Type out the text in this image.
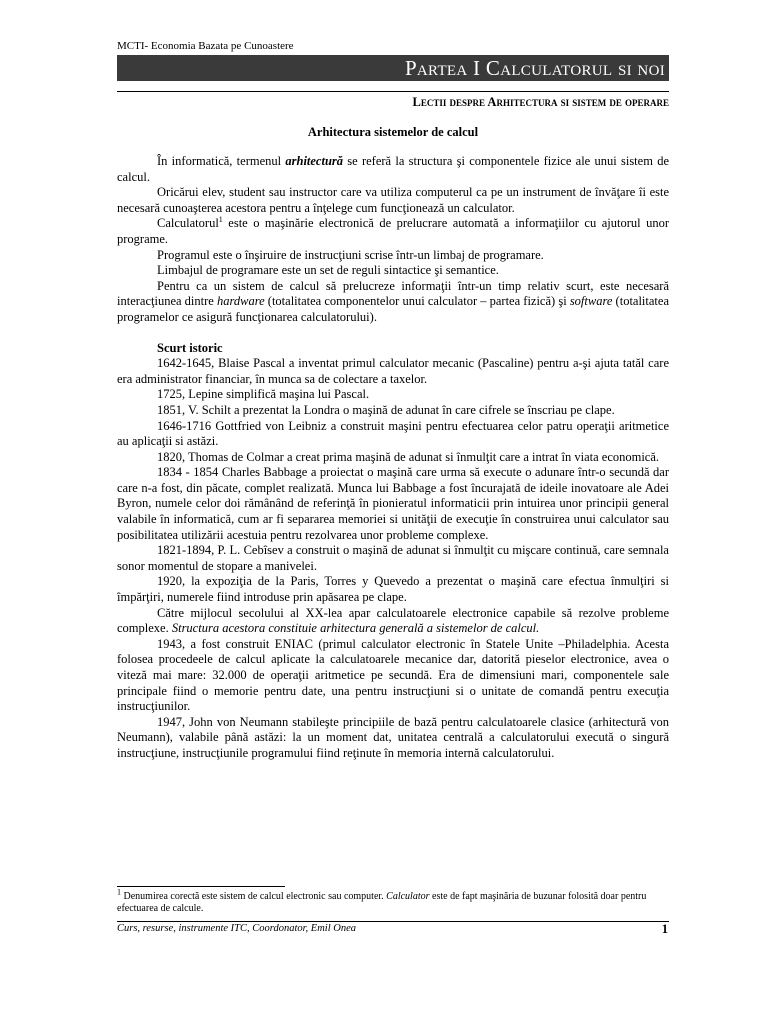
MCTI- Economia Bazata pe Cunoastere

Partea I Calculatorul si noi
Lectii despre Arhitectura si sistem de operare
Arhitectura sistemelor de calcul

În informatică, termenul arhitectură se referă la structura şi componentele fizice ale unui sistem de calcul.

Oricărui elev, student sau instructor care va utiliza computerul ca pe un instrument de învăţare îi este necesară cunoaşterea acestora pentru a înţelege cum funcţionează un calculator.

Calculatorul$^1$ este o maşinărie electronică de prelucrare automată a informaţiilor cu ajutorul unor programe.

Programul este o înşiruire de instrucţiuni scrise într-un limbaj de programare.

Limbajul de programare este un set de reguli sintactice şi semantice.

Pentru ca un sistem de calcul să prelucreze informaţii într-un timp relativ scurt, este necesară interacţiunea dintre hardware (totalitatea componentelor unui calculator – partea fizică) şi software (totalitatea programelor ce asigură funcţionarea calculatorului).

Scurt istoric

1642-1645, Blaise Pascal a inventat primul calculator mecanic (Pascaline) pentru a-şi ajuta tatăl care era administrator financiar, în munca sa de colectare a taxelor.

1725, Lepine simplifică maşina lui Pascal.

1851, V. Schilt a prezentat la Londra o maşină de adunat în care cifrele se înscriau pe clape.

1646-1716 Gottfried von Leibniz a construit maşini pentru efectuarea celor patru operaţii aritmetice au aplicaţii si astăzi.

1820, Thomas de Colmar a creat prima maşină de adunat si înmulţit care a intrat în viata economică.

1834 - 1854 Charles Babbage a proiectat o maşină care urma să execute o adunare într-o secundă dar care n-a fost, din păcate, complet realizată. Munca lui Babbage a fost încurajată de ideile inovatoare ale Adei Byron, numele celor doi rămânând de referinţă în pionieratul informaticii prin intuirea unor principii general valabile în informatică, cum ar fi separarea memoriei si unităţii de execuţie în construirea unui calculator sau posibilitatea utilizării acestuia pentru rezolvarea unor probleme complexe.

1821-1894, P. L. Cebîsev a construit o maşină de adunat si înmulţit cu mişcare continuă, care semnala sonor momentul de stopare a manivelei.

1920, la expoziţia de la Paris, Torres y Quevedo a prezentat o maşină care efectua înmulţiri si împărţiri, numerele fiind introduse prin apăsarea pe clape.

Către mijlocul secolului al XX-lea apar calculatoarele electronice capabile să rezolve probleme complexe. Structura acestora constituie arhitectura generală a sistemelor de calcul.

1943, a fost construit ENIAC (primul calculator electronic în Statele Unite –Philadelphia. Acesta folosea procedeele de calcul aplicate la calculatoarele mecanice dar, datorită pieselor electronice, avea o viteză mai mare: 32.000 de operaţii aritmetice pe secundă. Era de dimensiuni mari, componentele sale principale fiind o memorie pentru date, una pentru instrucţiuni si o unitate de comandă pentru execuţia instrucţiunilor.

1947, John von Neumann stabileşte principiile de bază pentru calculatoarele clasice (arhitectură von Neumann), valabile până astăzi: la un moment dat, unitatea centrală a calculatorului execută o singură instrucţiune, instrucţiunile programului fiind reţinute în memoria internă calculatorului.

$^1$ Denumirea corectă este sistem de calcul electronic sau computer. Calculator este de fapt maşinăria de buzunar folosită doar pentru efectuarea de calcule.
Curs, resurse, instrumente ITC, Coordonator, Emil Onea	1
